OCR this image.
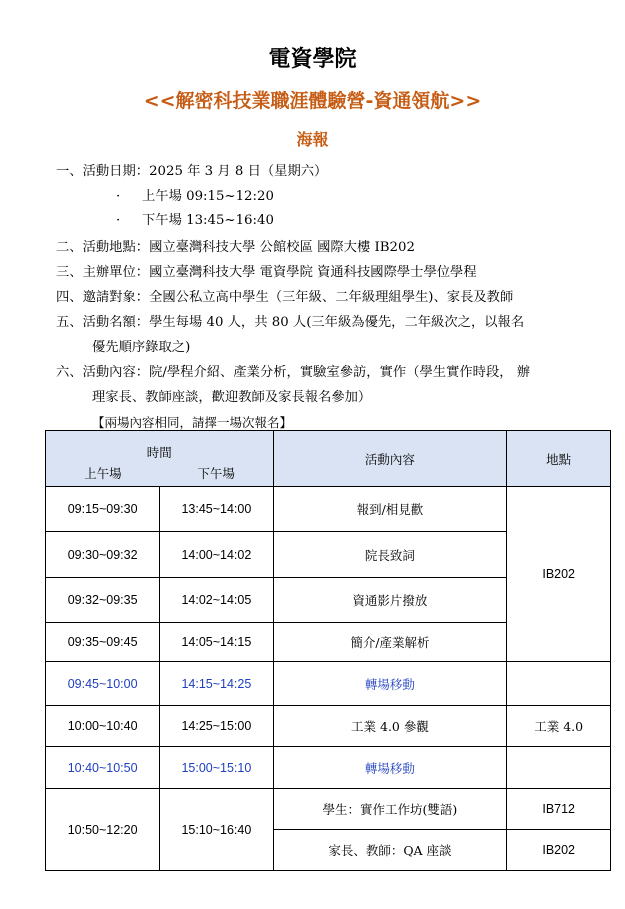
電資學院
<<解密科技業職涯體驗營-資通領航>>
海報
一、活動日期：2025 年 3 月 8 日（星期六）
· 上午場 09:15~12:20
· 下午場 13:45~16:40
二、活動地點：國立臺灣科技大學 公館校區 國際大樓 IB202
三、主辦單位：國立臺灣科技大學 電資學院 資通科技國際學士學位學程
四、邀請對象：全國公私立高中學生（三年級、二年級理組學生)、家長及教師
五、活動名額：學生每場 40 人，共 80 人(三年級為優先，二年級次之，以報名
優先順序錄取之)
六、活動內容：院/學程介紹、產業分析，實驗室參訪，實作（學生實作時段， 辦
理家長、教師座談，歡迎教師及家長報名參加）
【兩場內容相同，請擇一場次報名】
時間		活動內容	地點
上午場	下午場		
09:15~09:30	13:45~14:00	報到/相見歡	IB202
09:30~09:32	14:00~14:02	院長致詞	
09:32~09:35	14:02~14:05	資通影片撥放	
09:35~09:45	14:05~14:15	簡介/產業解析	
09:45~10:00	14:15~14:25	轉場移動	
10:00~10:40	14:25~15:00	工業 4.0 參觀	工業 4.0
10:40~10:50	15:00~15:10	轉場移動	
10:50~12:20	15:10~16:40	學生：實作工作坊(雙語)	IB712
		家長、教師：QA 座談	IB202
